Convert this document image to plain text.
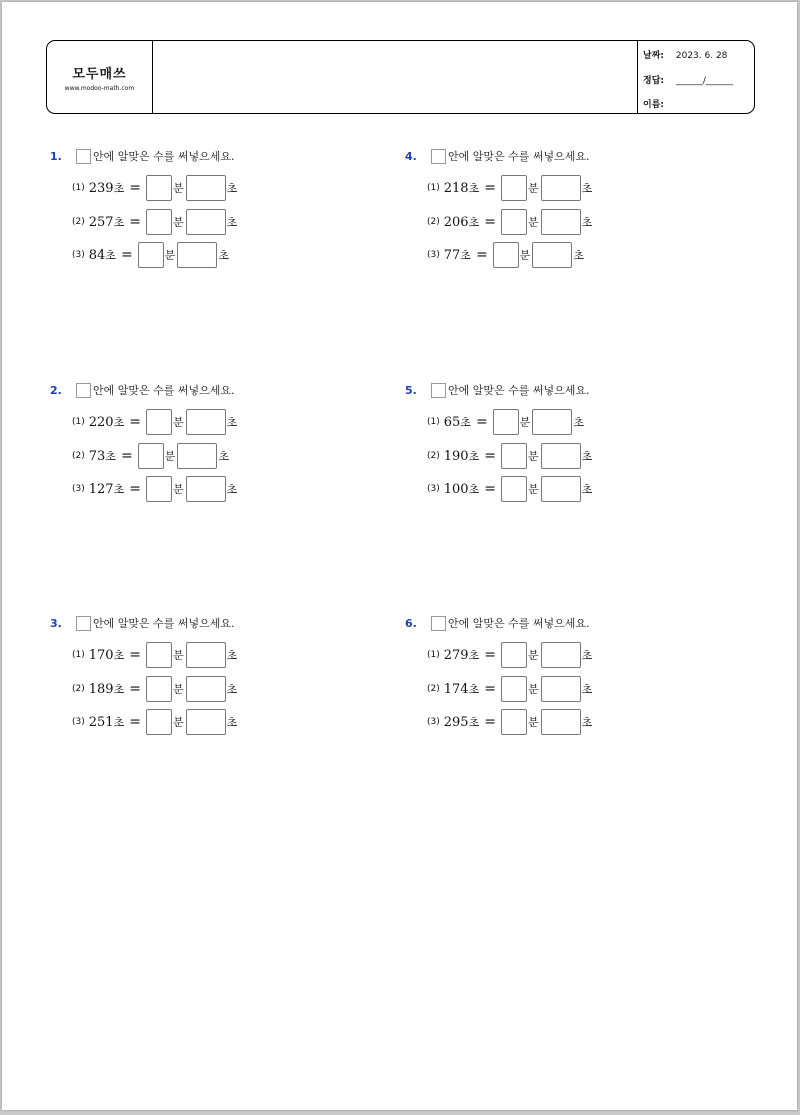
모두매쓰
www.modoo-math.com
날짜: 2023. 6. 28
정답: ______/______
이름:
1.	안에 알맞은 수를 써넣으세요.
(1) 239 초 =	분	초
(2) 257 초 =	분	초
(3) 84 초 =	분	초
4.	안에 알맞은 수를 써넣으세요.
(1) 218 초 =	분	초
(2) 206 초 =	분	초
(3) 77 초 =	분	초
2.	안에 알맞은 수를 써넣으세요.
(1) 220 초 =	분	초
(2) 73 초 =	분	초
(3) 127 초 =	분	초
5.	안에 알맞은 수를 써넣으세요.
(1) 65 초 =	분	초
(2) 190 초 =	분	초
(3) 100 초 =	분	초
3.	안에 알맞은 수를 써넣으세요.
(1) 170 초 =	분	초
(2) 189 초 =	분	초
(3) 251 초 =	분	초
6.	안에 알맞은 수를 써넣으세요.
(1) 279 초 =	분	초
(2) 174 초 =	분	초
(3) 295 초 =	분	초
